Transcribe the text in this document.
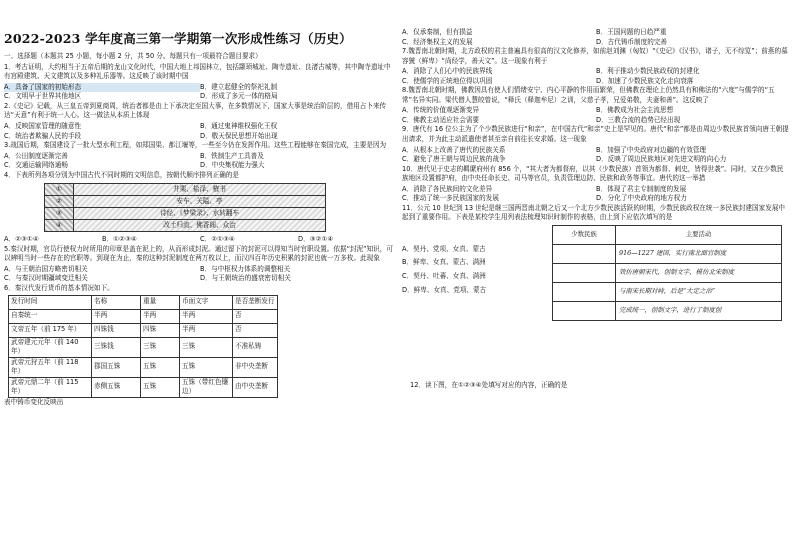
2022-2023 学年度高三第一学期第一次形成性练习（历史）

一、选择题（本题共 25 小题，每小题 2 分，共 50 分。每题只有一项最符合题目要求）

1．考古证明，大约相当于五帝后期的龙山文化时代，中国大地上邦国林立，包括颛顼城址、陶寺遗址、良渚古城等，其中陶寺遗址中有宫殿建筑、天文建筑以及多种礼乐器等。这反映了该时期中国

A．具备了国家的初始形态	B．建立起健全的祭祀礼制
C．文明早于世界其他地区	D．形成了多元一体的格局

2.《史记》记载，从三皇五帝到夏商周，统治者都是由上下承决定至国大事，在多数情况下，国家大事是统治阶层的，借用占卜来传达“天意”有利于统一人心。这一做法从本质上体现

A．反映国家管理的随意性	B．通过鬼神维权强化王权
C．统治者欺骗人民的手段	D．敬天保民思想开始出现

3.战国后期，秦国建设了一批大型水利工程，如郑国渠、都江堰等，一些至今仍在发挥作用。这些工程能够在秦国完成，主要是因为

A．公田制度逐渐完善	B．铁制生产工具普及
C．交通运输网络通畅	D．中央集权能力强大

4．下表所列各项分别为中国古代不同时期的文明信息，按朝代顺序排列正确的是

①	井栗、盐泽、榷书
②	安车、关隘、亭
③	诗经、《梦梁录》、水转翻车
④	改土归流、佛香阁、众治
A．②③①④	B．①②③④	C．②①③④	D．③②①④

5.秦汉时期，官员行使权力时所用的印章是盖在泥上的，从而形成封泥。通过留下的封泥可以得知当时官职设置。依据“封泥”知识，可以辨明当时一些存在的官职等。到现在为止，秦的这种封泥制度在两万枚以上，而汉四百年历史积累的封泥也就一万多枚。此现象

A．与王朝治国方略密切相关	B．与中枢权力体系的调整相关
C．与秦汉时期疆域变迁相关	D．与王朝统治的盛衰密切相关

6．秦汉代发行货币的基本情况如下。

发行时间	名称	重量	币面文字	是否垄断发行
自秦统一	半两	半两	半两	否
文帝五年（前 175 年）	四铢钱	四铢	半两	否
武帝建元元年（前 140 年）	三铢钱	三铢	三铢	不准私铸
武帝元狩五年（前 118 年）	郡国五铢	五铢	五铢	非中央垄断
武帝元鼎二年（前 115 年）	赤侧五铢	五铢	五铢（带红色镶边）	由中央垄断

表中铸币变化反映出

A．仅承秦制，但有损益	B．王国问题的日趋严重
C．经济集权主义的发展	D．古代铸币制度的完善

7.魏晋南北朝时期，北方政权的君主普遍具有很高的汉文化修养，如前赵刘渊（匈奴）“《史记》《汉书》，诸子，无不综览”；前燕的慕容皝（鲜卑）“尚经学，善天文”。这一现象有利于

A．消除了人们心中的民族界线	B．利于推动少数民族政权的封建化
C．使儒学的正统地位得以巩固	D．加速了少数民族文化走向衰落

8.魏晋南北朝时期，佛教因具有使人们情绪安宁、内心平静的作用而繁荣，但佛教在理论上仍然具有和佛法的“六度”与儒学的“五常”名异实同。梁代僧人慧皎曾说，“释氏（释迦牟尼）之训，父慈子孝，兄爱弟敬，夫妻和善”。这反映了

A．传统的价值观逐渐变异	B．佛教成为社会主流思想
C．佛教主动适应社会需要	D．三教合流的趋势已经出现

9．唐代有 16 位公主为了个少数民族进行“和亲”，在中国古代“和亲”史上是罕见的。唐代“和亲”都是由周边少数民族首领向唐王朝提出请求，并为此主动派遣使者甚至亲自前往长安求婚。这一现象

A．从根本上改善了唐代的民族关系	B．加强了中央政府对边疆的有效管理
C．避免了唐王朝与周边民族的战争	D．反映了周边民族地区对先进文明的向心力

10．唐代见于史志的羁縻府州有 856 个，“其大者为都督府，以其（少数民族）首领为都督、刺史，皆得世袭”。同时，又在少数民族地区设置都护府，由中央任命长史、司马等官员，负责管理边防、民族和政务等事宜。唐代的这一举措

A．消除了各民族间的文化差异	B．体现了君主专制制度的发展
C．推动了统一多民族国家的发展	D．分化了中央政府的地方权力

11．公元 10 世纪到 13 世纪是继三国两晋南北朝之后又一个北方少数民族活跃的时期，少数民族政权在统一多民族封建国家发展中起到了重要作用。下表是某校学生用列表法梳理知识时制作的表格，由上到下应依次填写的是

A．契丹、党项、女真、蒙古

B．鲜卑、女真、蒙古、满洲

C．契丹、吐蕃、女真、满洲

D．鲜卑、女真、党项、蒙古

少数民族	主要活动
	916—1227 建国，实行南北面官制度
	效仿唐朝宋代，创制文字，模仿北宋制度
	与南宋长期对峙，后是“大定之治”
	完成统一，创制文字，进行了制度创

12．读下图，在①②③④处填写对应的内容，正确的是
